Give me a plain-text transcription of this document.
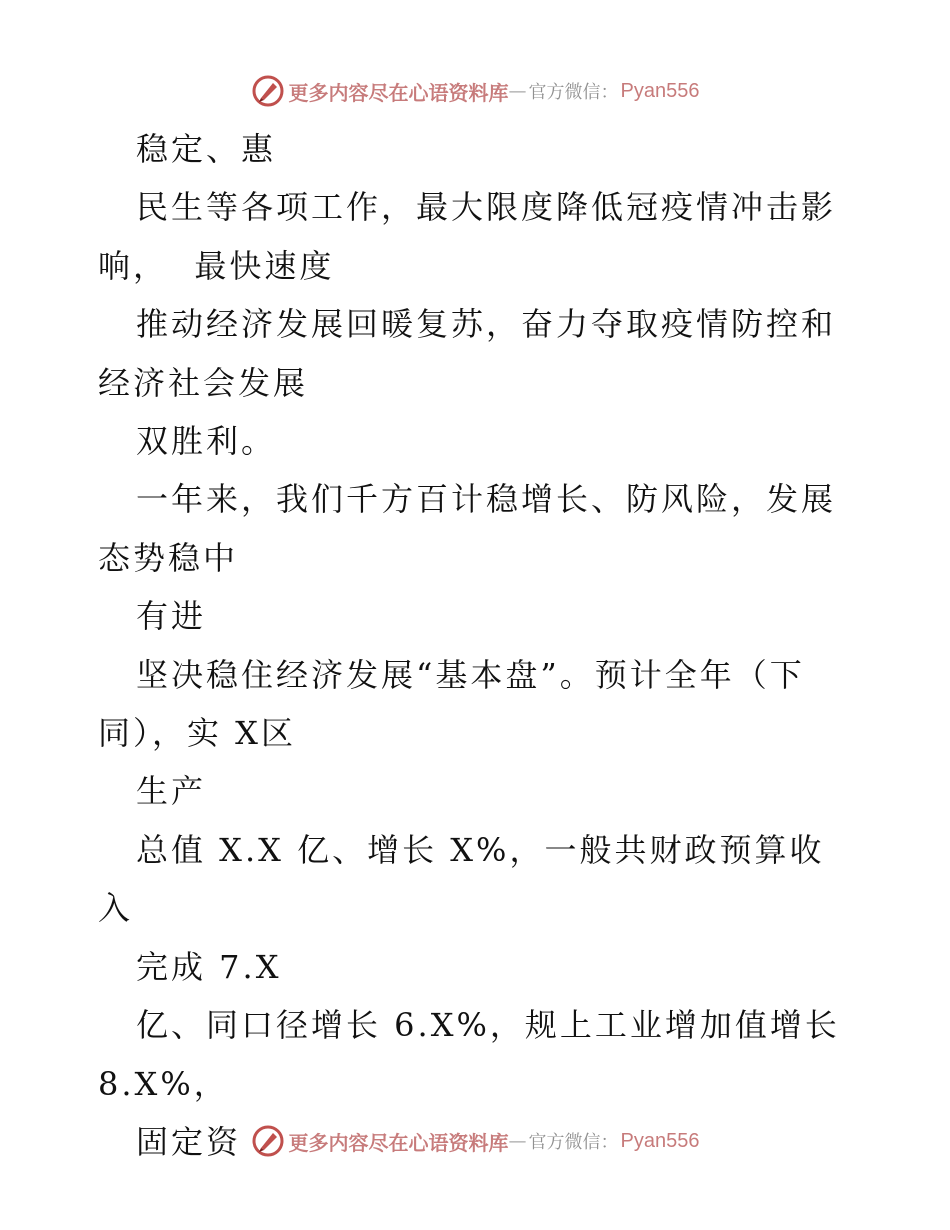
更多内容尽在心语资料库 — 官方微信： Pyan556

稳定、惠

民生等各项工作，最大限度降低冠疫情冲击影响，  最快速度

推动经济发展回暖复苏，奋力夺取疫情防控和经济社会发展

双胜利。

一年来，我们千方百计稳增长、防风险，发展态势稳中

有进

坚决稳住经济发展“基本盘”。预计全年（下同），实 X区

生产

总值 X.X 亿、增长 X%，一般共财政预算收入

完成 7.X

亿、同口径增长 6.X%，规上工业增加值增长 8.X%，

固定资	更多内容尽在心语资料库 — 官方微信： Pyan556
